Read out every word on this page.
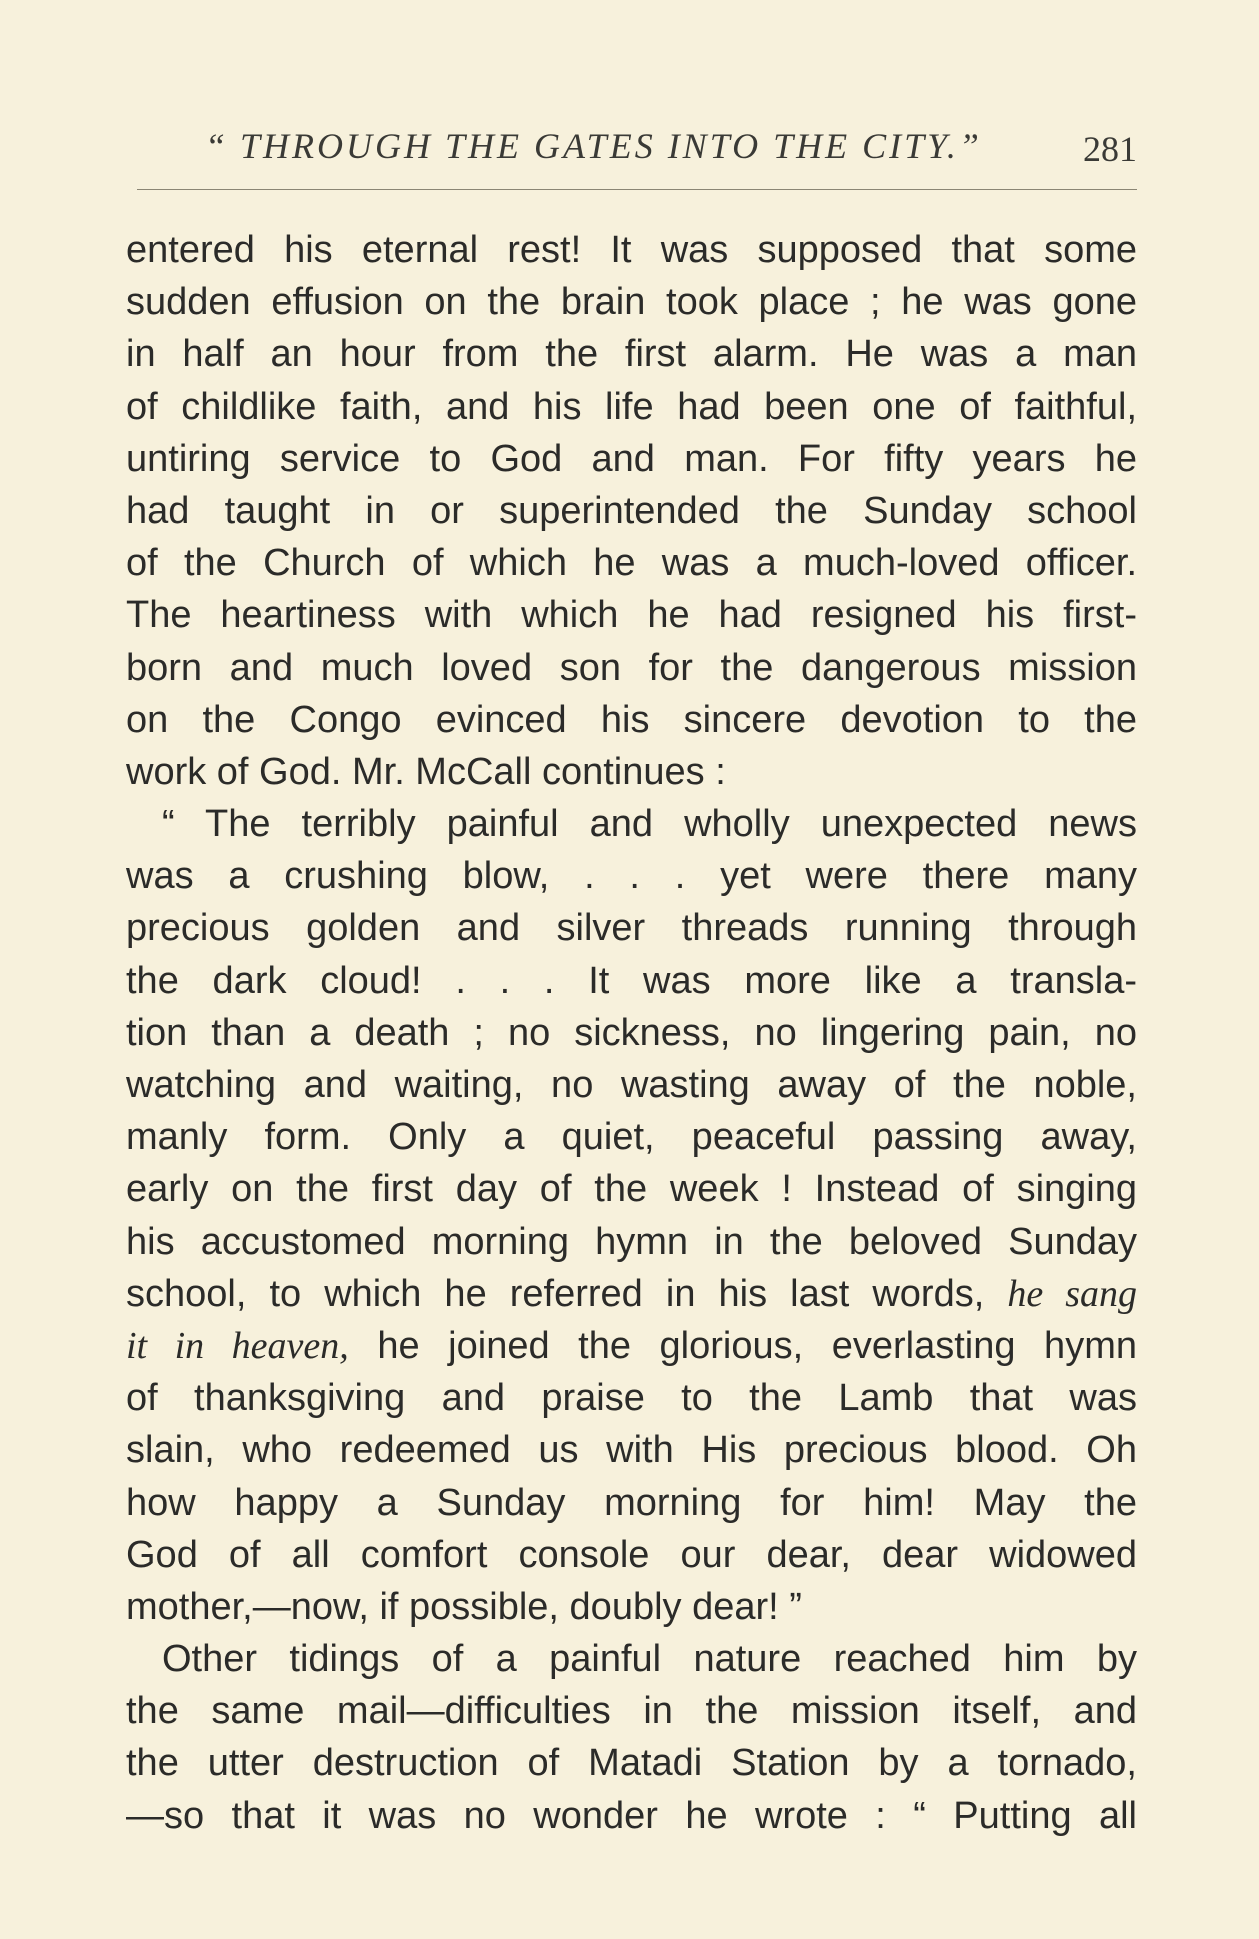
“ THROUGH THE GATES INTO THE CITY.”	281
entered his eternal rest! It was supposed that some
sudden effusion on the brain took place ; he was gone
in half an hour from the first alarm. He was a man
of childlike faith, and his life had been one of faithful,
untiring service to God and man. For fifty years he
had taught in or superintended the Sunday school
of the Church of which he was a much-loved officer.
The heartiness with which he had resigned his first-
born and much loved son for the dangerous mission
on the Congo evinced his sincere devotion to the
work of God. Mr. McCall continues :
“ The terribly painful and wholly unexpected news
was a crushing blow, . . . yet were there many
precious golden and silver threads running through
the dark cloud! . . . It was more like a transla-
tion than a death ; no sickness, no lingering pain, no
watching and waiting, no wasting away of the noble,
manly form. Only a quiet, peaceful passing away,
early on the first day of the week ! Instead of singing
his accustomed morning hymn in the beloved Sunday
school, to which he referred in his last words, he sang
it in heaven, he joined the glorious, everlasting hymn
of thanksgiving and praise to the Lamb that was
slain, who redeemed us with His precious blood. Oh
how happy a Sunday morning for him! May the
God of all comfort console our dear, dear widowed
mother,—now, if possible, doubly dear! ”
Other tidings of a painful nature reached him by
the same mail—difficulties in the mission itself, and
the utter destruction of Matadi Station by a tornado,
—so that it was no wonder he wrote : “ Putting all
